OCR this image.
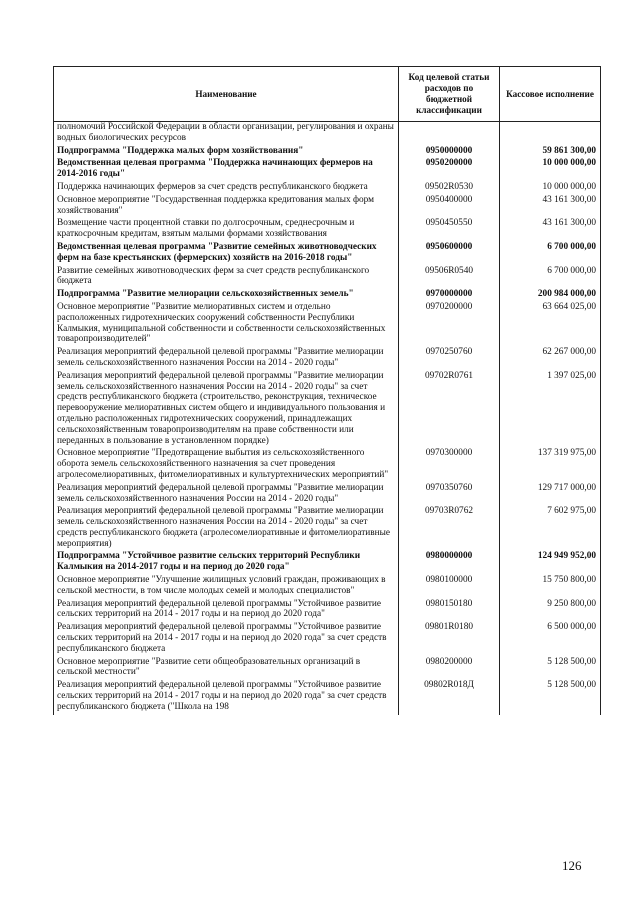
Наименование	Код целевой статьи расходов по бюджетной классификации	Кассовое исполнение
полномочий Российской Федерации в области организации, регулирования и охраны водных биологических ресурсов		
Подпрограмма "Поддержка малых форм хозяйствования"	0950000000	59 861 300,00
Ведомственная целевая программа "Поддержка начинающих фермеров на 2014-2016 годы"	0950200000	10 000 000,00
Поддержка начинающих фермеров за счет средств республиканского бюджета	09502R0530	10 000 000,00
Основное мероприятие "Государственная поддержка кредитования малых форм хозяйствования"	0950400000	43 161 300,00
Возмещение части процентной ставки по долгосрочным, среднесрочным и краткосрочным кредитам, взятым малыми формами хозяйствования	0950450550	43 161 300,00
Ведомственная целевая программа "Развитие семейных животноводческих ферм на базе крестьянских (фермерских) хозяйств на 2016-2018 годы"	0950600000	6 700 000,00
Развитие семейных животноводческих ферм за счет средств республиканского бюджета	09506R0540	6 700 000,00
Подпрограмма "Развитие мелиорации сельскохозяйственных земель"	0970000000	200 984 000,00
Основное мероприятие "Развитие мелиоративных систем и отдельно расположенных гидротехнических сооружений собственности Республики Калмыкия, муниципальной собственности и собственности сельскохозяйственных товаропроизводителей"	0970200000	63 664 025,00
Реализация мероприятий федеральной целевой программы "Развитие мелиорации земель сельскохозяйственного назначения России на 2014 - 2020 годы"	0970250760	62 267 000,00
Реализация мероприятий федеральной целевой программы "Развитие мелиорации земель сельскохозяйственного назначения России на 2014 - 2020 годы" за счет средств республиканского бюджета (строительство, реконструкция, техническое перевооружение мелиоративных систем общего и индивидуального пользования и отдельно расположенных гидротехнических сооружений, принадлежащих сельскохозяйственным товаропроизводителям на праве собственности или переданных в пользование в установленном порядке)	09702R0761	1 397 025,00
Основное мероприятие "Предотвращение выбытия из сельскохозяйственного оборота земель сельскохозяйственного назначения за счет проведения агролесомелиоративных, фитомелиоративных и культуртехнических мероприятий"	0970300000	137 319 975,00
Реализация мероприятий федеральной целевой программы "Развитие мелиорации земель сельскохозяйственного назначения России на 2014 - 2020 годы"	0970350760	129 717 000,00
Реализация мероприятий федеральной целевой программы "Развитие мелиорации земель сельскохозяйственного назначения России на 2014 - 2020 годы" за счет средств республиканского бюджета (агролесомелиоративные и фитомелиоративные мероприятия)	09703R0762	7 602 975,00
Подпрограмма "Устойчивое развитие сельских территорий Республики Калмыкия на 2014-2017 годы и на период до 2020 года"	0980000000	124 949 952,00
Основное мероприятие "Улучшение жилищных условий граждан, проживающих в сельской местности, в том числе молодых семей и молодых специалистов"	0980100000	15 750 800,00
Реализация мероприятий федеральной целевой программы "Устойчивое развитие сельских территорий на 2014 - 2017 годы и на период до 2020 года"	0980150180	9 250 800,00
Реализация мероприятий федеральной целевой программы "Устойчивое развитие сельских территорий на 2014 - 2017 годы и на период до 2020 года" за счет средств республиканского бюджета	09801R0180	6 500 000,00
Основное мероприятие "Развитие сети общеобразовательных организаций в сельской местности"	0980200000	5 128 500,00
Реализация мероприятий федеральной целевой программы "Устойчивое развитие сельских территорий на 2014 - 2017 годы и на период до 2020 года" за счет средств республиканского бюджета ("Школа на 198	09802R018Д	5 128 500,00
126
